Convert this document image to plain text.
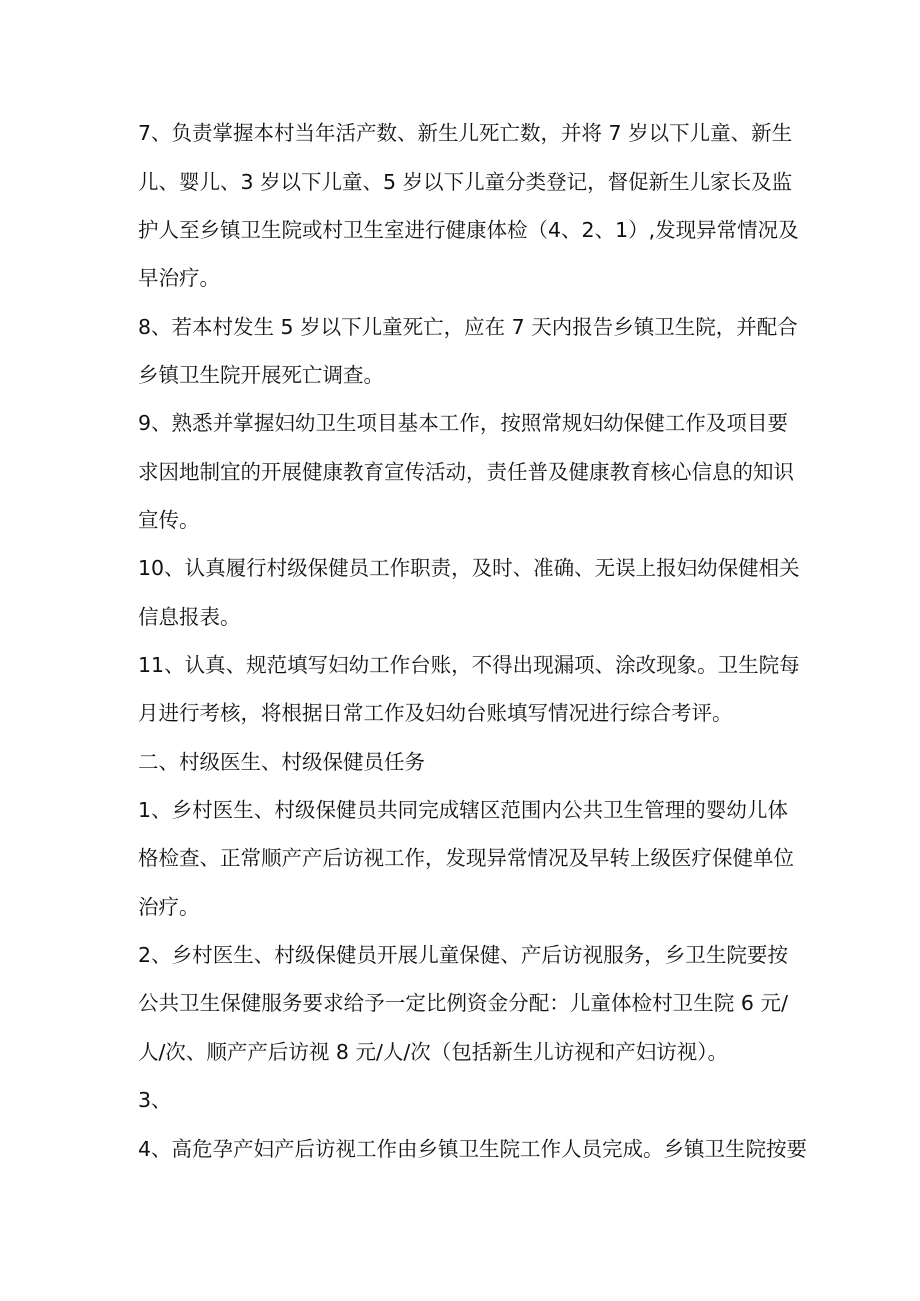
7、负责掌握本村当年活产数、新生儿死亡数，并将 7 岁以下儿童、新生
儿、婴儿、3 岁以下儿童、5 岁以下儿童分类登记，督促新生儿家长及监
护人至乡镇卫生院或村卫生室进行健康体检（4、2、1）,发现异常情况及
早治疗。
8、若本村发生 5 岁以下儿童死亡，应在 7 天内报告乡镇卫生院，并配合
乡镇卫生院开展死亡调查。
9、熟悉并掌握妇幼卫生项目基本工作，按照常规妇幼保健工作及项目要
求因地制宜的开展健康教育宣传活动，责任普及健康教育核心信息的知识
宣传。
10、认真履行村级保健员工作职责，及时、准确、无误上报妇幼保健相关
信息报表。
11、认真、规范填写妇幼工作台账，不得出现漏项、涂改现象。卫生院每
月进行考核，将根据日常工作及妇幼台账填写情况进行综合考评。
二、村级医生、村级保健员任务
1、乡村医生、村级保健员共同完成辖区范围内公共卫生管理的婴幼儿体
格检查、正常顺产产后访视工作，发现异常情况及早转上级医疗保健单位
治疗。
2、乡村医生、村级保健员开展儿童保健、产后访视服务，乡卫生院要按
公共卫生保健服务要求给予一定比例资金分配：儿童体检村卫生院 6 元/
人/次、顺产产后访视 8 元/人/次（包括新生儿访视和产妇访视）。
3、
4、高危孕产妇产后访视工作由乡镇卫生院工作人员完成。乡镇卫生院按要
